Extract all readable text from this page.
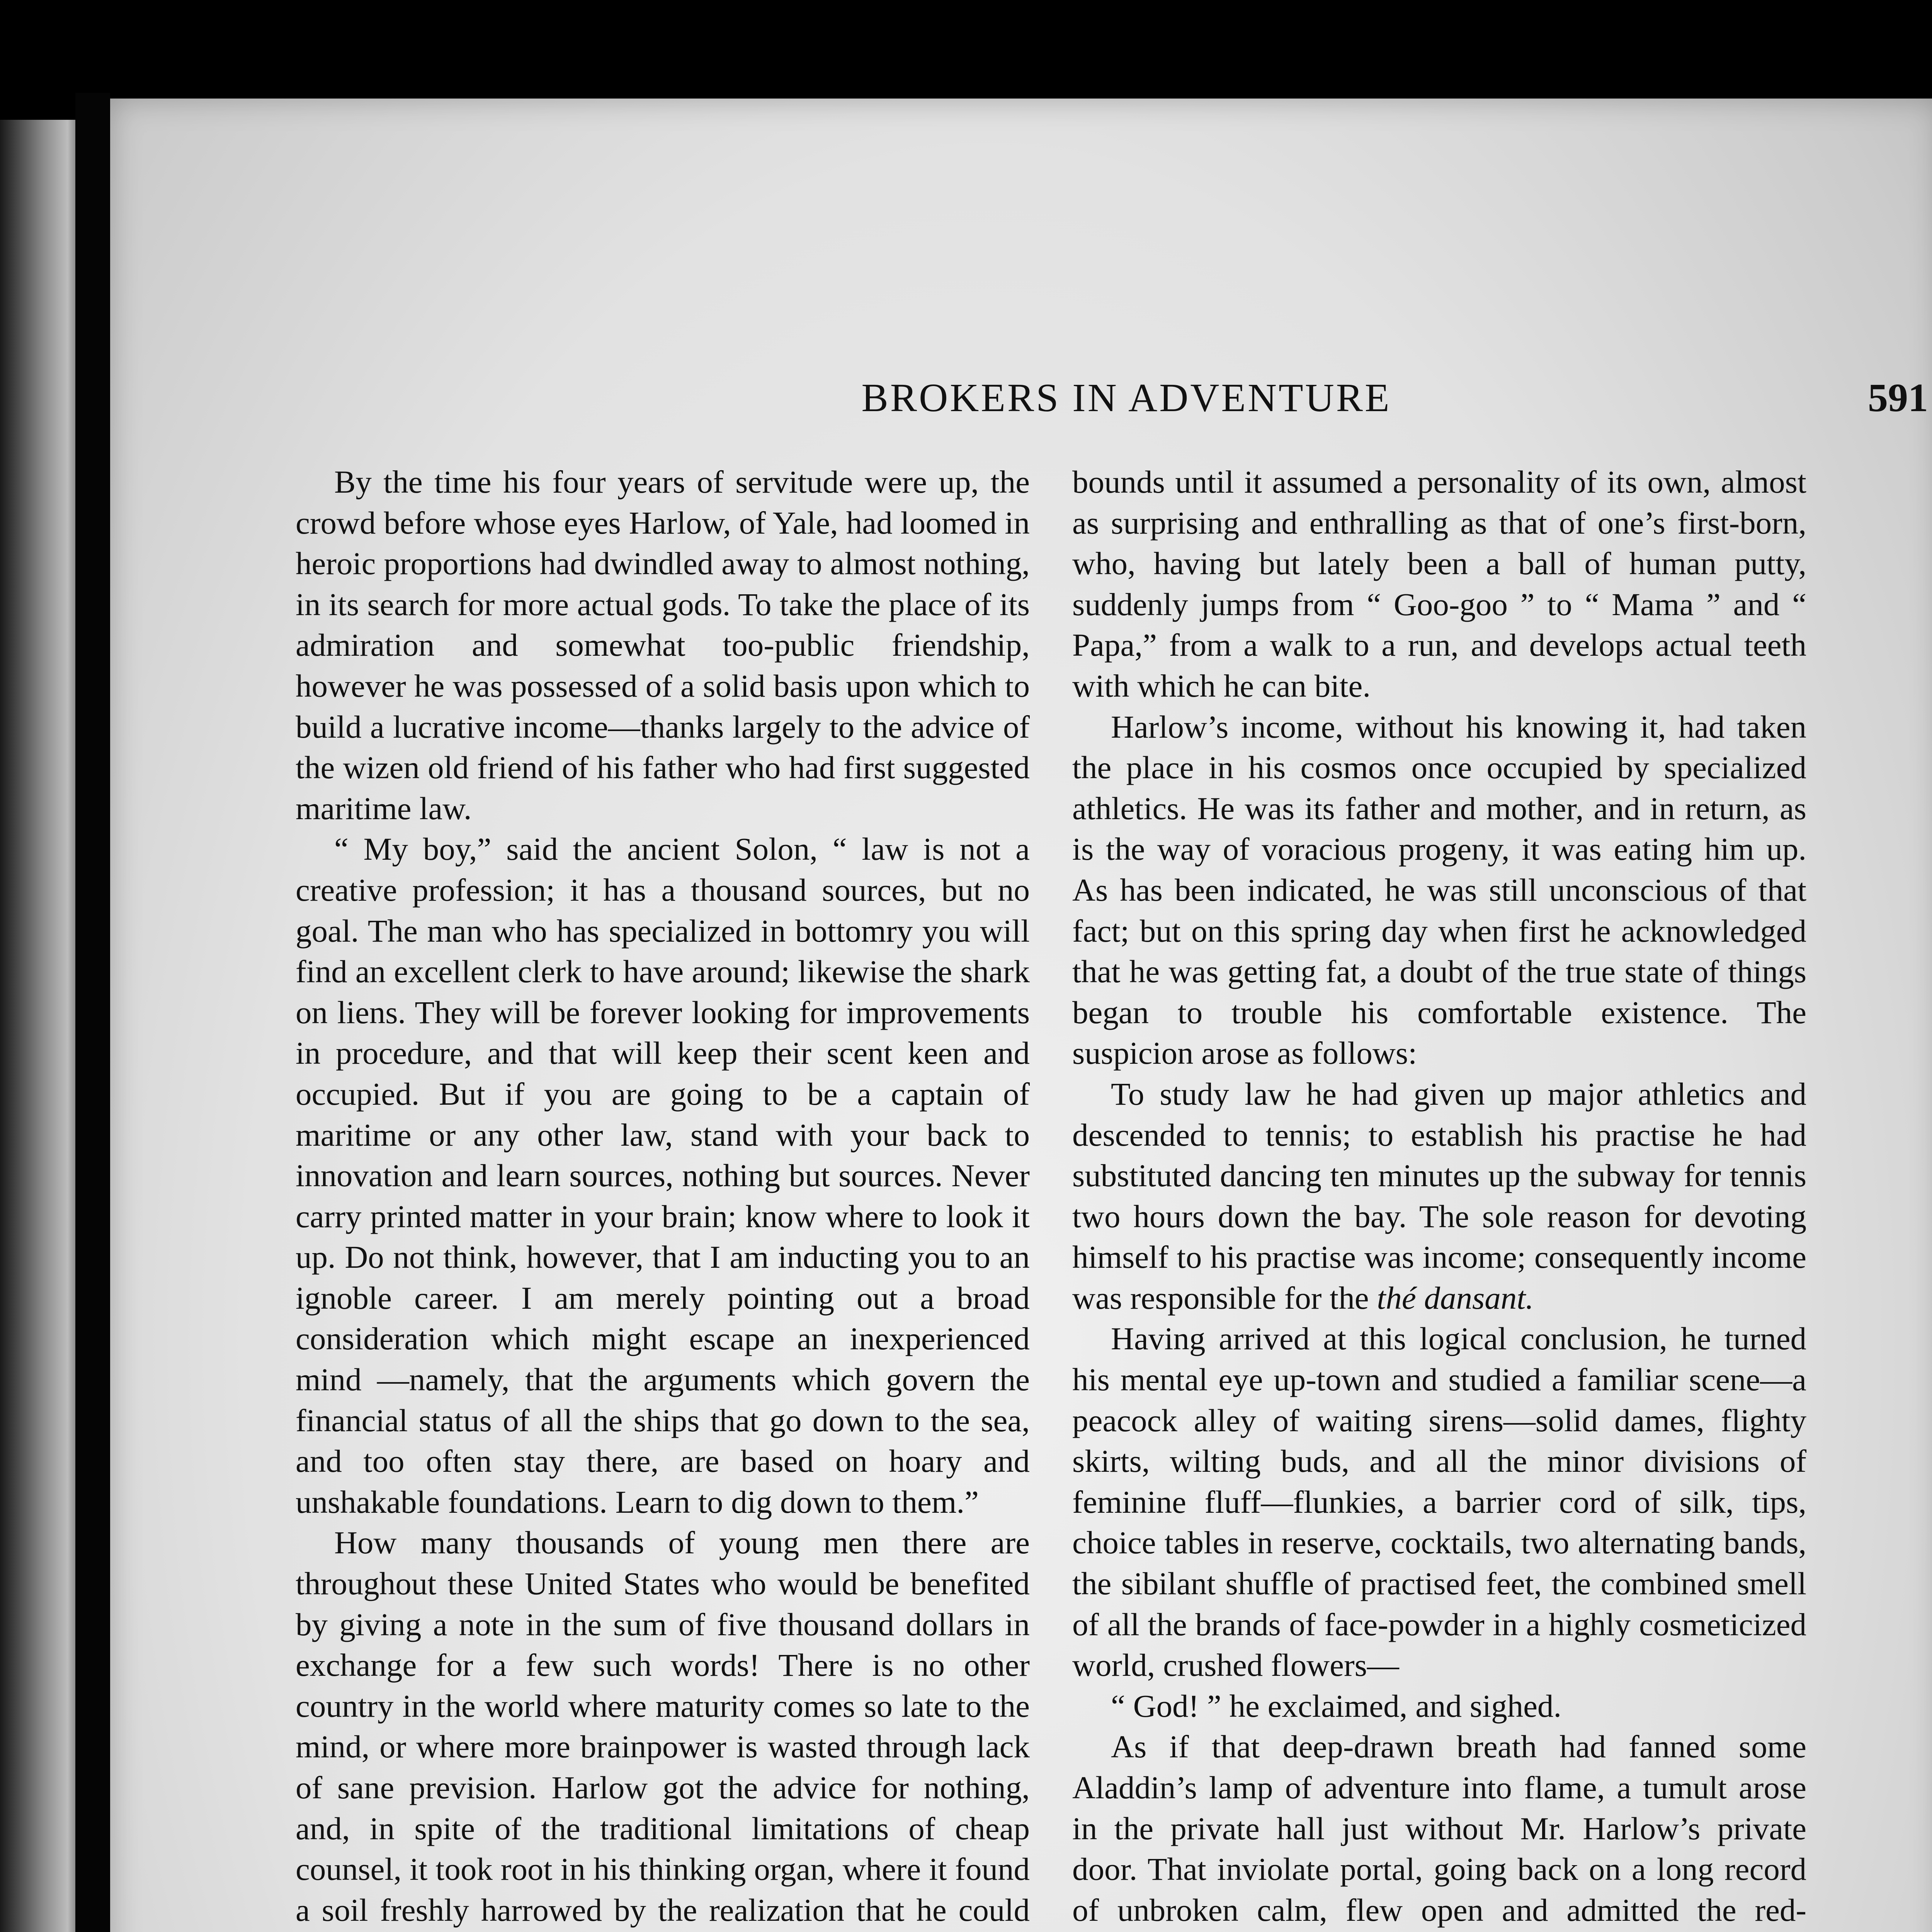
BROKERS IN ADVENTURE	591

By the time his four years of servitude were up, the crowd before whose eyes Harlow, of Yale, had loomed in heroic proportions had dwindled away to almost nothing, in its search for more actual gods. To take the place of its admiration and somewhat too-public friendship, however he was possessed of a solid basis upon which to build a lucrative income—thanks largely to the advice of the wizen old friend of his father who had first suggested maritime law.

“ My boy,” said the ancient Solon, “ law is not a creative profession; it has a thousand sources, but no goal. The man who has specialized in bottomry you will find an excellent clerk to have around; likewise the shark on liens. They will be forever looking for improvements in procedure, and that will keep their scent keen and occupied. But if you are going to be a captain of maritime or any other law, stand with your back to innovation and learn sources, nothing but sources. Never carry printed matter in your brain; know where to look it up. Do not think, however, that I am inducting you to an ignoble career. I am merely pointing out a broad consideration which might escape an inexperienced mind —namely, that the arguments which govern the financial status of all the ships that go down to the sea, and too often stay there, are based on hoary and unshakable foundations. Learn to dig down to them.”

How many thousands of young men there are throughout these United States who would be benefited by giving a note in the sum of five thousand dollars in exchange for a few such words! There is no other country in the world where maturity comes so late to the mind, or where more brainpower is wasted through lack of sane prevision. Harlow got the advice for nothing, and, in spite of the traditional limitations of cheap counsel, it took root in his thinking organ, where it found a soil freshly harrowed by the realization that he could

bounds until it assumed a personality of its own, almost as surprising and enthralling as that of one’s first-born, who, having but lately been a ball of human putty, suddenly jumps from “ Goo-goo ” to “ Mama ” and “ Papa,” from a walk to a run, and develops actual teeth with which he can bite.

Harlow’s income, without his knowing it, had taken the place in his cosmos once occupied by specialized athletics. He was its father and mother, and in return, as is the way of voracious progeny, it was eating him up. As has been indicated, he was still unconscious of that fact; but on this spring day when first he acknowledged that he was getting fat, a doubt of the true state of things began to trouble his comfortable existence. The suspicion arose as follows:

To study law he had given up major athletics and descended to tennis; to establish his practise he had substituted dancing ten minutes up the subway for tennis two hours down the bay. The sole reason for devoting himself to his practise was income; consequently income was responsible for the thé dansant.

Having arrived at this logical conclusion, he turned his mental eye up-town and studied a familiar scene—a peacock alley of waiting sirens—solid dames, flighty skirts, wilting buds, and all the minor divisions of feminine fluff—flunkies, a barrier cord of silk, tips, choice tables in reserve, cocktails, two alternating bands, the sibilant shuffle of practised feet, the combined smell of all the brands of face-powder in a highly cosmeticized world, crushed flowers—

“ God! ” he exclaimed, and sighed.

As if that deep-drawn breath had fanned some Aladdin’s lamp of adventure into flame, a tumult arose in the private hall just without Mr. Harlow’s private door. That inviolate portal, going back on a long record of unbroken calm, flew open and admitted the red-
